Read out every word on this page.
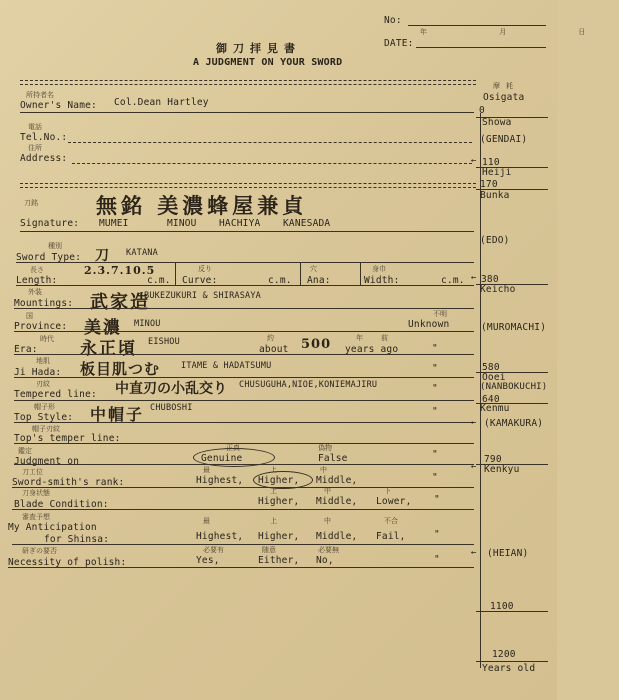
No:
年 月 日
DATE:
御刀拝見書
A JUDGMENT ON YOUR SWORD
所持者名
Owner's Name: Col.Dean Hartley
電話
Tel.No.:
住所
Address:
刀銘	無銘 美濃蜂屋兼貞
Signature: MUMEI	MINOU HACHIYA KANESADA
種別
Sword Type: 刀 KATANA
長さ	2.3.7.10.5
Length:	c.m.
反り
Curve:	c.m.
穴
Ana:
身巾
Width:	c.m.
外装	武家造
BUKEZUKURI & SHIRASAYA
Mountings:
国
美濃 MINOU
Province:
不明
Unknown
時代 永正頃 EISHOU	約
about 500	年前
years ago	"
Era:
地肌 板目肌つむ ITAME & HADATSUMU	"
Ji Hada:
刃紋	中直刃の小乱交り CHUSUGUHA,NIOE,KONIEMAJIRU	"
Tempered line:
帽子形 中帽子 CHUBOSHI	"
Top Style:
帽子刃紋
Top's temper line:
鑑定
Judgment on
正真
Genuine
偽物
False	"
刀工位	最	上	中
Sword-smith's rank:	Highest, Higher, Middle,	"
刀身状態	上	中	下
Blade Condition:	Higher, Middle, Lower, "
審査予想	最	上	中	不合
My Anticipation
for Shinsa:	Highest, Higher, Middle, Fail,	"
研ぎの要否	必要有	随意	必要無
Necessity of polish:	Yes,	Either, No,	"
摩耗
Osigata
0
Showa
(GENDAI)
← 110
Heiji
170
Bunka
(EDO)
← 380
Keicho
(MUROMACHI)
580
Ooei
(NANBOKUCHI)
640
Kenmu
← (KAMAKURA)
790
← Kenkyu
← (HEIAN)
1100
1200
Years old
